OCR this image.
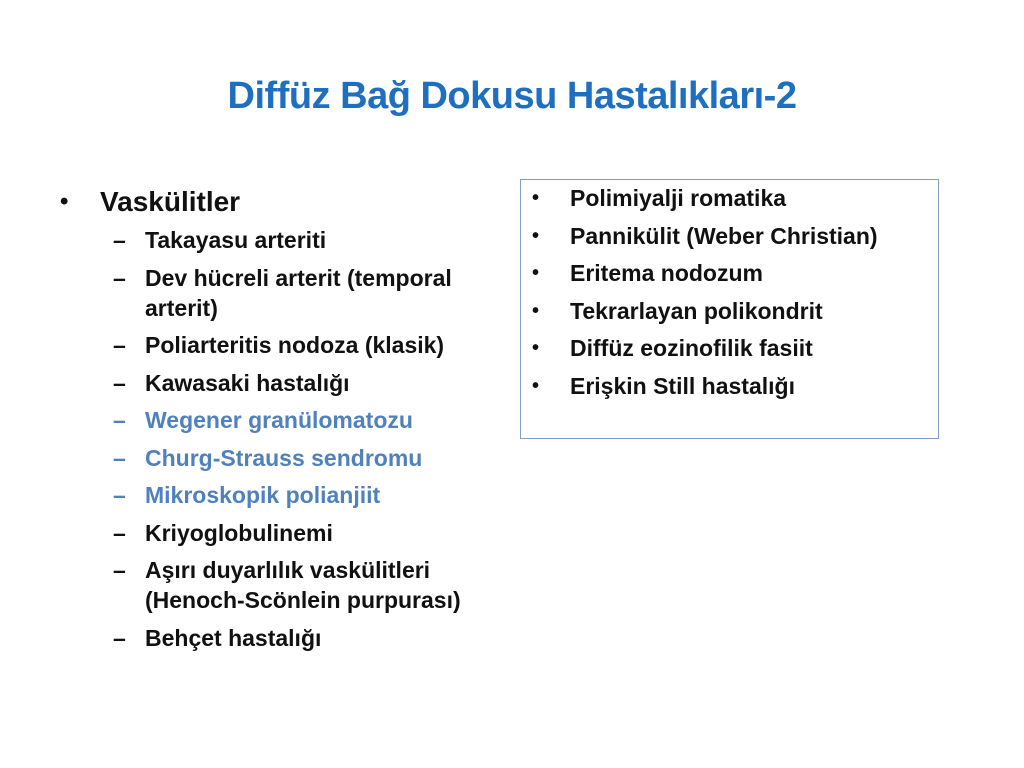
Diffüz Bağ Dokusu Hastalıkları-2
•	Vaskülitler
– Takayasu arteriti
– Dev hücreli arterit (temporal arterit)
– Poliarteritis nodoza (klasik)
– Kawasaki hastalığı
– Wegener granülomatozu
– Churg-Strauss sendromu
– Mikroskopik polianjiit
– Kriyoglobulinemi
– Aşırı duyarlılık vaskülitleri (Henoch-Scönlein purpurası)
– Behçet hastalığı
•	Polimiyalji romatika
•	Pannikülit (Weber Christian)
•	Eritema nodozum
•	Tekrarlayan polikondrit
•	Diffüz eozinofilik fasiit
•	Erişkin Still hastalığı
